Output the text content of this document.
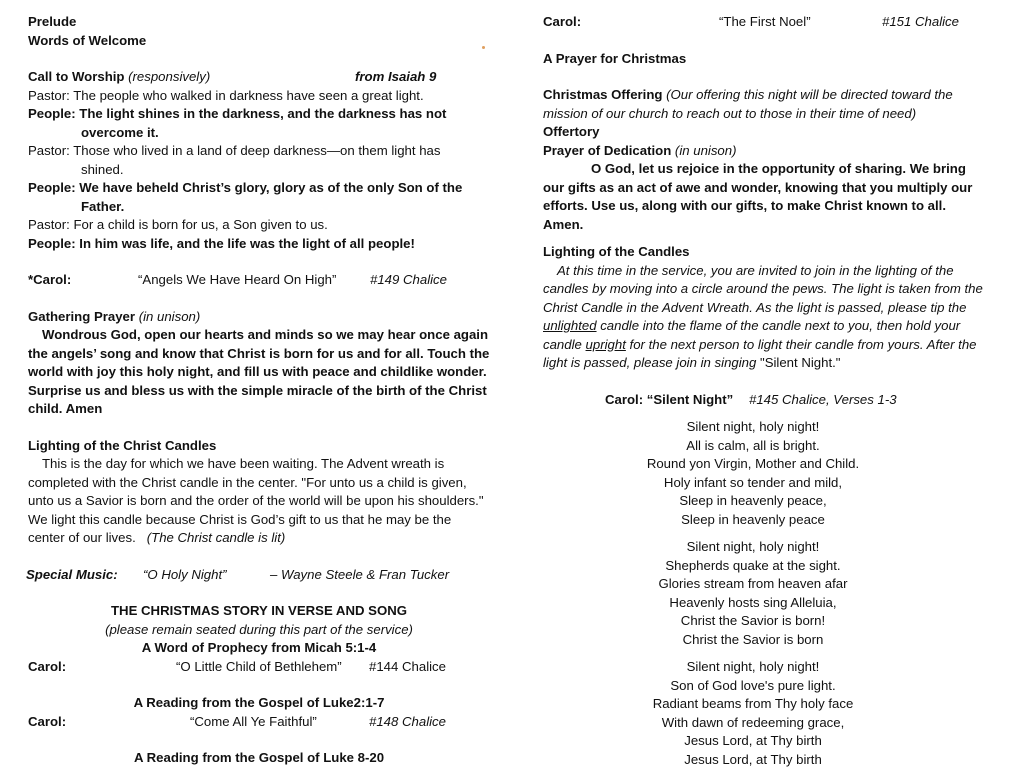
Prelude
Words of Welcome
Call to Worship (responsively)	from Isaiah 9
Pastor: The people who walked in darkness have seen a great light.
People: The light shines in the darkness, and the darkness has not
overcome it.
Pastor: Those who lived in a land of deep darkness—on them light has
shined.
People: We have beheld Christ’s glory, glory as of the only Son of the
Father.
Pastor: For a child is born for us, a Son given to us.
People: In him was life, and the life was the light of all people!
*Carol:	“Angels We Have Heard On High”	#149 Chalice
Gathering Prayer (in unison)
Wondrous God, open our hearts and minds so we may hear once again the angels’ song and know that Christ is born for us and for all. Touch the world with joy this holy night, and fill us with peace and childlike wonder. Surprise us and bless us with the simple miracle of the birth of the Christ child. Amen
Lighting of the Christ Candles
This is the day for which we have been waiting. The Advent wreath is completed with the Christ candle in the center. "For unto us a child is given, unto us a Savior is born and the order of the world will be upon his shoulders." We light this candle because Christ is God’s gift to us that he may be the center of our lives. (The Christ candle is lit)
Special Music: “O Holy Night”	– Wayne Steele & Fran Tucker
THE CHRISTMAS STORY IN VERSE AND SONG
(please remain seated during this part of the service)
A Word of Prophecy from Micah 5:1-4
Carol:	“O Little Child of Bethlehem” #144 Chalice
A Reading from the Gospel of Luke2:1-7
Carol:	“Come All Ye Faithful”	#148 Chalice
A Reading from the Gospel of Luke 8-20
Carol:	“The First Noel”	#151 Chalice
A Prayer for Christmas
Christmas Offering (Our offering this night will be directed toward the mission of our church to reach out to those in their time of need)
Offertory
Prayer of Dedication (in unison)
O God, let us rejoice in the opportunity of sharing. We bring our gifts as an act of awe and wonder, knowing that you multiply our efforts. Use us, along with our gifts, to make Christ known to all. Amen.
Lighting of the Candles
At this time in the service, you are invited to join in the lighting of the candles by moving into a circle around the pews. The light is taken from the Christ Candle in the Advent Wreath. As the light is passed, please tip the unlighted candle into the flame of the candle next to you, then hold your candle upright for the next person to light their candle from yours. After the light is passed, please join in singing "Silent Night."
Carol: “Silent Night” #145 Chalice, Verses 1-3
Silent night, holy night!
All is calm, all is bright.
Round yon Virgin, Mother and Child.
Holy infant so tender and mild,
Sleep in heavenly peace,
Sleep in heavenly peace
Silent night, holy night!
Shepherds quake at the sight.
Glories stream from heaven afar
Heavenly hosts sing Alleluia,
Christ the Savior is born!
Christ the Savior is born
Silent night, holy night!
Son of God love's pure light.
Radiant beams from Thy holy face
With dawn of redeeming grace,
Jesus Lord, at Thy birth
Jesus Lord, at Thy birth
